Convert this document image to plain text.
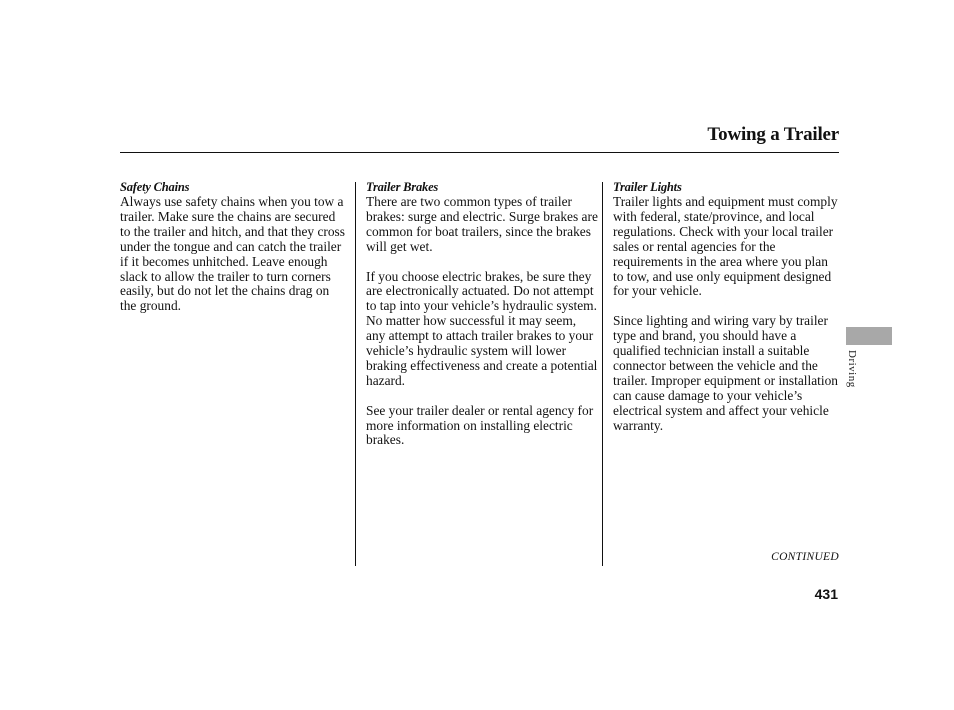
Towing a Trailer
Safety Chains

Always use safety chains when you tow a trailer. Make sure the chains are secured to the trailer and hitch, and that they cross under the tongue and can catch the trailer if it becomes unhitched. Leave enough slack to allow the trailer to turn corners easily, but do not let the chains drag on the ground.

Trailer Brakes

There are two common types of trailer brakes: surge and electric. Surge brakes are common for boat trailers, since the brakes will get wet.

If you choose electric brakes, be sure they are electronically actuated. Do not attempt to tap into your vehicle’s hydraulic system. No matter how successful it may seem, any attempt to attach trailer brakes to your vehicle’s hydraulic system will lower braking effectiveness and create a potential hazard.

See your trailer dealer or rental agency for more information on installing electric brakes.

Trailer Lights

Trailer lights and equipment must comply with federal, state/province, and local regulations. Check with your local trailer sales or rental agencies for the requirements in the area where you plan to tow, and use only equipment designed for your vehicle.

Since lighting and wiring vary by trailer type and brand, you should have a qualified technician install a suitable connector between the vehicle and the trailer. Improper equipment or installation can cause damage to your vehicle’s electrical system and affect your vehicle warranty.

Driving
CONTINUED
431
